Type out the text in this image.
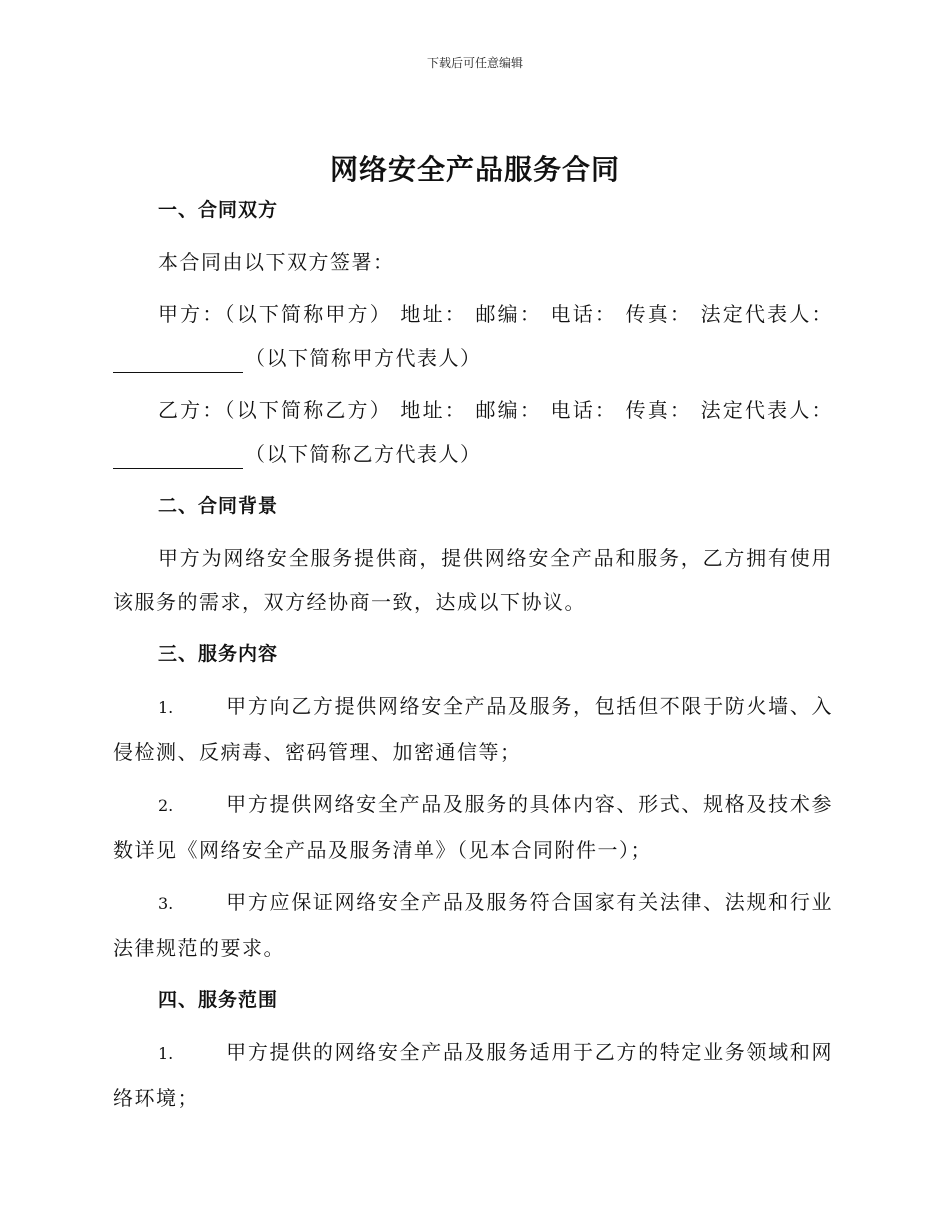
下载后可任意编辑
网络安全产品服务合同
一、合同双方
本合同由以下双方签署：
甲方：（以下简称甲方） 地址： 邮编： 电话： 传真： 法定代表人：
（以下简称甲方代表人）
乙方：（以下简称乙方） 地址： 邮编： 电话： 传真： 法定代表人：
（以下简称乙方代表人）
二、合同背景
甲方为网络安全服务提供商，提供网络安全产品和服务，乙方拥有使用
该服务的需求，双方经协商一致，达成以下协议。
三、服务内容
1.	甲方向乙方提供网络安全产品及服务，包括但不限于防火墙、入
侵检测、反病毒、密码管理、加密通信等；
2.	甲方提供网络安全产品及服务的具体内容、形式、规格及技术参
数详见《网络安全产品及服务清单》（见本合同附件一）；
3.	甲方应保证网络安全产品及服务符合国家有关法律、法规和行业
法律规范的要求。
四、服务范围
1.	甲方提供的网络安全产品及服务适用于乙方的特定业务领域和网
络环境；
